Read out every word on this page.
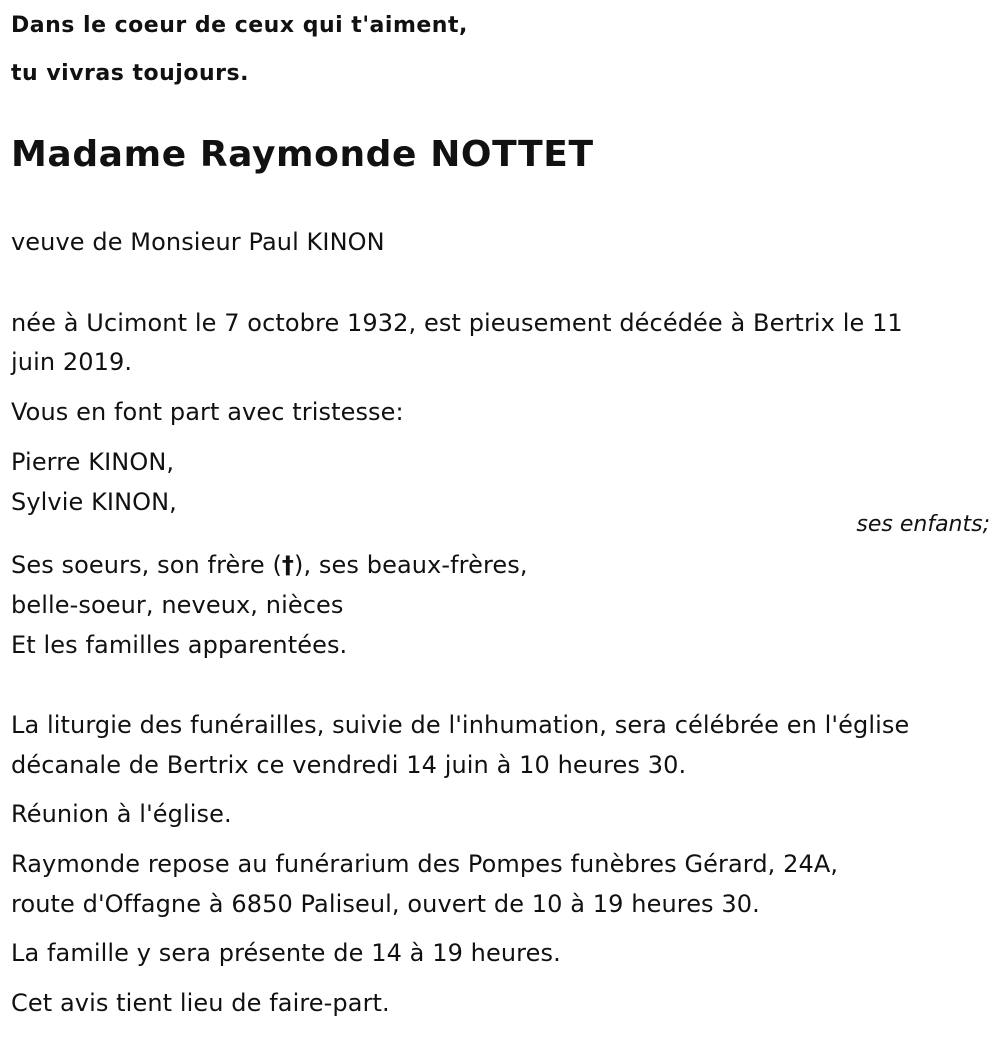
Dans le coeur de ceux qui t'aiment,
tu vivras toujours.
Madame Raymonde NOTTET
veuve de Monsieur Paul KINON
née à Ucimont le 7 octobre 1932, est pieusement décédée à Bertrix le 11
juin 2019.
Vous en font part avec tristesse:
Pierre KINON,
Sylvie KINON,
ses enfants;
Ses soeurs, son frère (†), ses beaux-frères,
belle-soeur, neveux, nièces
Et les familles apparentées.
La liturgie des funérailles, suivie de l'inhumation, sera célébrée en l'église
décanale de Bertrix ce vendredi 14 juin à 10 heures 30.
Réunion à l'église.
Raymonde repose au funérarium des Pompes funèbres Gérard, 24A,
route d'Offagne à 6850 Paliseul, ouvert de 10 à 19 heures 30.
La famille y sera présente de 14 à 19 heures.
Cet avis tient lieu de faire-part.
